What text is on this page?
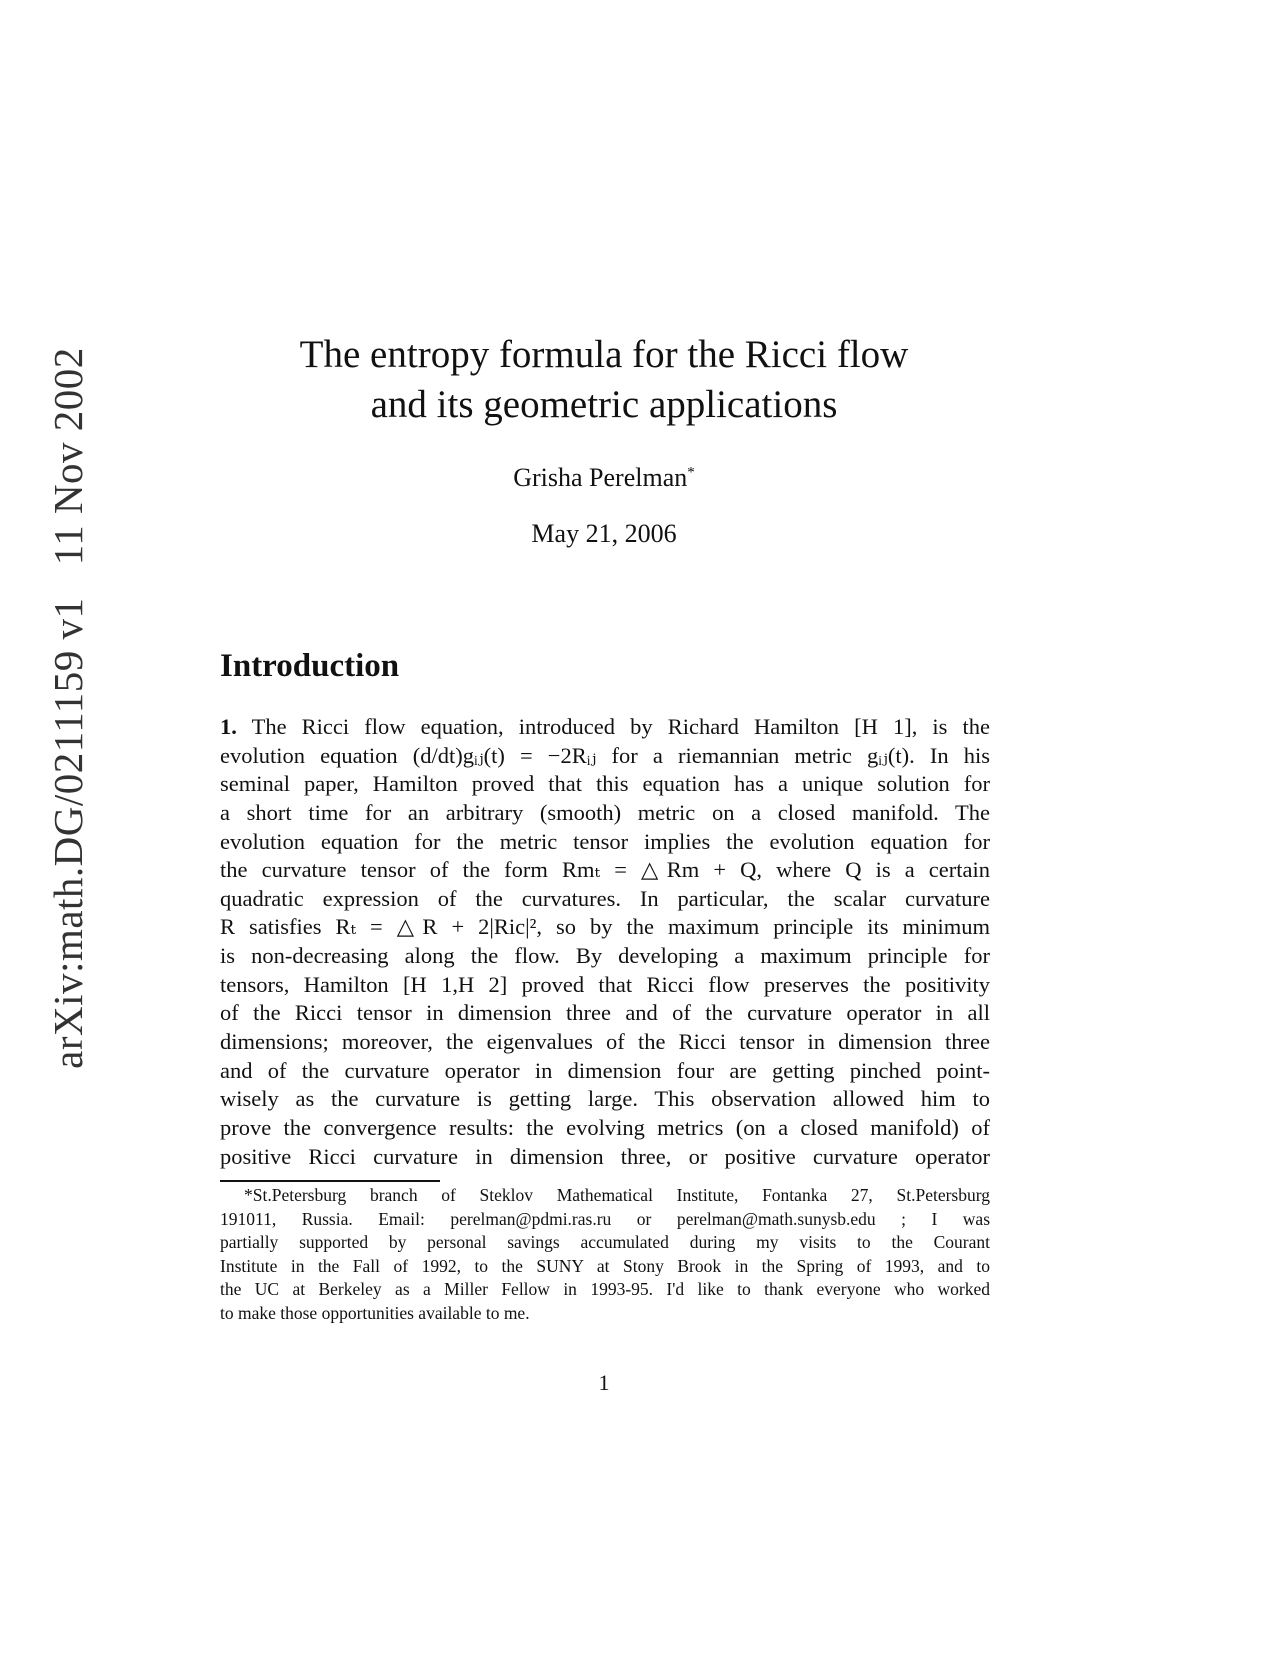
arXiv:math.DG/0211159 v1   11 Nov 2002	The entropy formula for the Ricci flow
and its geometric applications
Grisha Perelman*
May 21, 2006
Introduction
1. The Ricci flow equation, introduced by Richard Hamilton [H 1], is the
evolution equation (d/dt)gᵢⱼ(t) = −2Rᵢⱼ for a riemannian metric gᵢⱼ(t). In his
seminal paper, Hamilton proved that this equation has a unique solution for
a short time for an arbitrary (smooth) metric on a closed manifold. The
evolution equation for the metric tensor implies the evolution equation for
the curvature tensor of the form Rmₜ = △Rm + Q, where Q is a certain
quadratic expression of the curvatures. In particular, the scalar curvature
R satisfies Rₜ = △R + 2|Ric|², so by the maximum principle its minimum
is non-decreasing along the flow. By developing a maximum principle for
tensors, Hamilton [H 1,H 2] proved that Ricci flow preserves the positivity
of the Ricci tensor in dimension three and of the curvature operator in all
dimensions; moreover, the eigenvalues of the Ricci tensor in dimension three
and of the curvature operator in dimension four are getting pinched point-
wisely as the curvature is getting large. This observation allowed him to
prove the convergence results: the evolving metrics (on a closed manifold) of
positive Ricci curvature in dimension three, or positive curvature operator
*St.Petersburg branch of Steklov Mathematical Institute, Fontanka 27, St.Petersburg
191011, Russia. Email: perelman@pdmi.ras.ru or perelman@math.sunysb.edu ; I was
partially supported by personal savings accumulated during my visits to the Courant
Institute in the Fall of 1992, to the SUNY at Stony Brook in the Spring of 1993, and to
the UC at Berkeley as a Miller Fellow in 1993-95. I'd like to thank everyone who worked
to make those opportunities available to me.
1
